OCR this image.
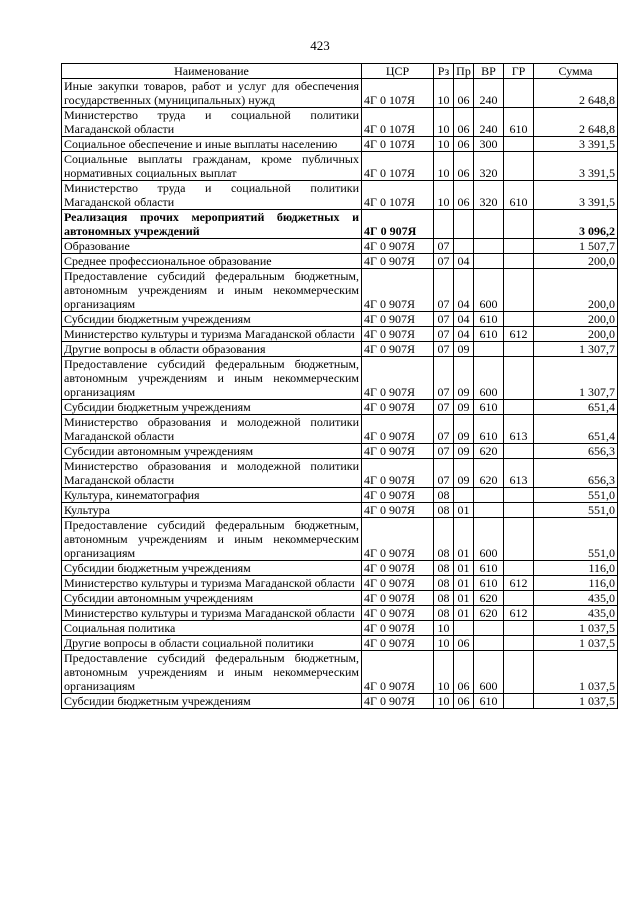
423
Наименование	ЦСР	Рз	Пр	ВР	ГР	Сумма
Иные закупки товаров, работ и услуг для обеспечения государственных (муниципальных) нужд	4Г 0 107Я	10	06	240		2 648,8
Министерство труда и социальной политики Магаданской области	4Г 0 107Я	10	06	240	610	2 648,8
Социальное обеспечение и иные выплаты населению	4Г 0 107Я	10	06	300		3 391,5
Социальные выплаты гражданам, кроме публичных нормативных социальных выплат	4Г 0 107Я	10	06	320		3 391,5
Министерство труда и социальной политики Магаданской области	4Г 0 107Я	10	06	320	610	3 391,5
Реализация прочих мероприятий бюджетных и автономных учреждений	4Г 0 907Я					3 096,2
Образование	4Г 0 907Я	07				1 507,7
Среднее профессиональное образование	4Г 0 907Я	07	04			200,0
Предоставление субсидий федеральным бюджетным, автономным учреждениям и иным некоммерческим организациям	4Г 0 907Я	07	04	600		200,0
Субсидии бюджетным учреждениям	4Г 0 907Я	07	04	610		200,0
Министерство культуры и туризма Магаданской области	4Г 0 907Я	07	04	610	612	200,0
Другие вопросы в области образования	4Г 0 907Я	07	09			1 307,7
Предоставление субсидий федеральным бюджетным, автономным учреждениям и иным некоммерческим организациям	4Г 0 907Я	07	09	600		1 307,7
Субсидии бюджетным учреждениям	4Г 0 907Я	07	09	610		651,4
Министерство образования и молодежной политики Магаданской области	4Г 0 907Я	07	09	610	613	651,4
Субсидии автономным учреждениям	4Г 0 907Я	07	09	620		656,3
Министерство образования и молодежной политики Магаданской области	4Г 0 907Я	07	09	620	613	656,3
Культура, кинематография	4Г 0 907Я	08				551,0
Культура	4Г 0 907Я	08	01			551,0
Предоставление субсидий федеральным бюджетным, автономным учреждениям и иным некоммерческим организациям	4Г 0 907Я	08	01	600		551,0
Субсидии бюджетным учреждениям	4Г 0 907Я	08	01	610		116,0
Министерство культуры и туризма Магаданской области	4Г 0 907Я	08	01	610	612	116,0
Субсидии автономным учреждениям	4Г 0 907Я	08	01	620		435,0
Министерство культуры и туризма Магаданской области	4Г 0 907Я	08	01	620	612	435,0
Социальная политика	4Г 0 907Я	10				1 037,5
Другие вопросы в области социальной политики	4Г 0 907Я	10	06			1 037,5
Предоставление субсидий федеральным бюджетным, автономным учреждениям и иным некоммерческим организациям	4Г 0 907Я	10	06	600		1 037,5
Субсидии бюджетным учреждениям	4Г 0 907Я	10	06	610		1 037,5
